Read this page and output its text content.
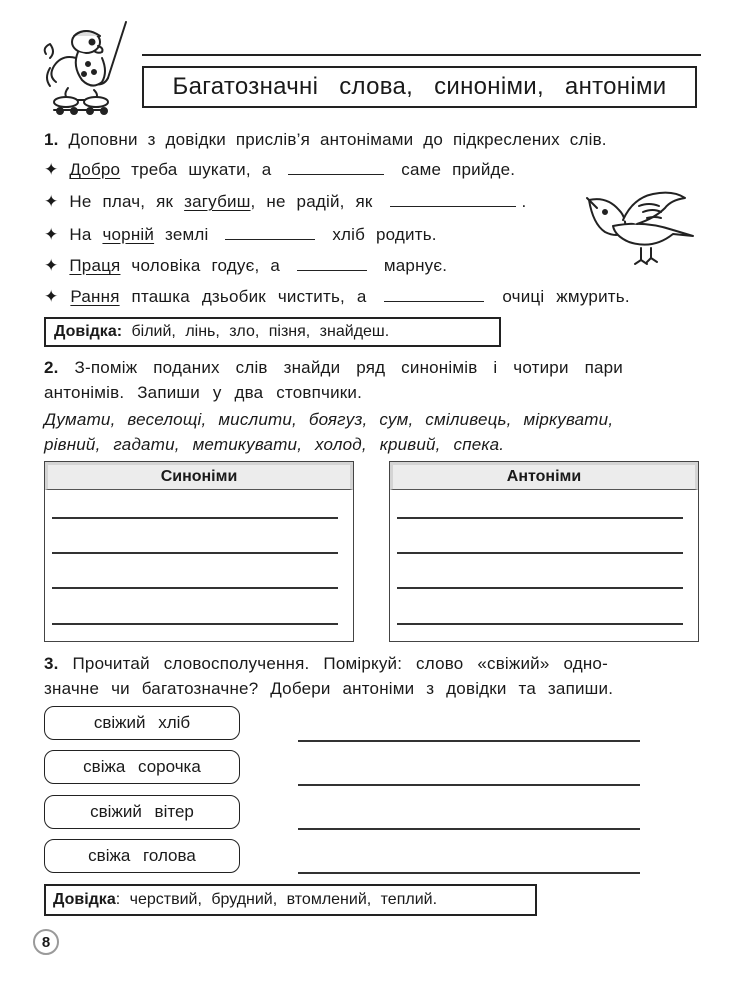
Багатозначні слова, синоніми, антоніми
1. Доповни з довідки прислів’я антонімами до підкреслених слів.
✦ Добро треба шукати, а	саме прийде.
✦ Не плач, як загубиш, не радій, як	.
✦ На чорній землі	хліб родить.
✦ Праця чоловіка годує, а	марнує.
✦ Рання пташка дзьобик чистить, а	очиці жмурить.
Довідка:
білий, лінь, зло, пізня, знайдеш.
2. З-поміж поданих слів знайди ряд синонімів і чотири пари
антонімів. Запиши у два стовпчики.
Думати, веселощі, мислити, боягуз, сум, сміливець, міркувати,
рівний, гадати, метикувати, холод, кривий, спека.
Синоніми	Антоніми
3. Прочитай словосполучення. Поміркуй: слово «свіжий» одно-
значне чи багатозначне? Добери антоніми з довідки та запиши.
свіжий хліб
свіжа сорочка
свіжий вітер
свіжа голова
Довідка : черствий, брудний, втомлений, теплий.
8
